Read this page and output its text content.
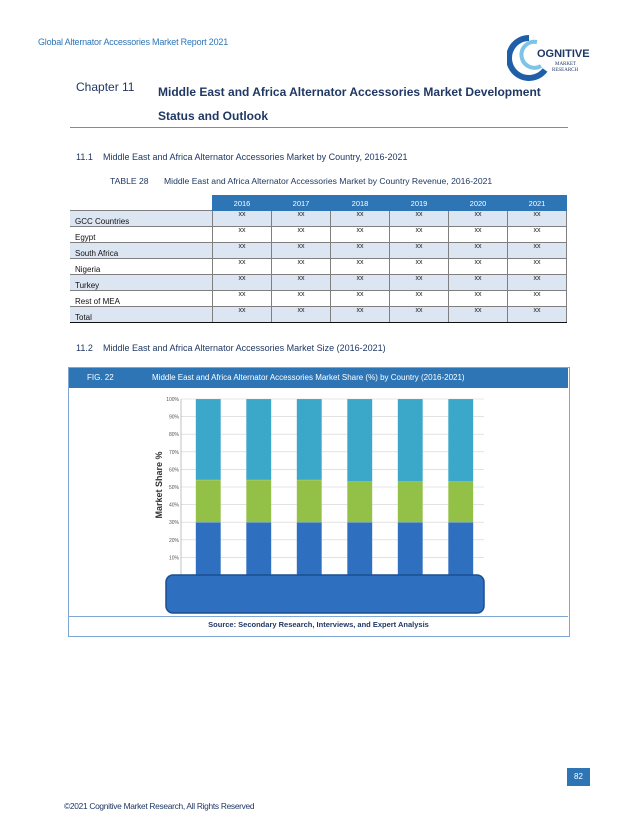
Global Alternator Accessories Market Report 2021
OGNITIVE
MARKET
RESEARCH
Chapter 11 Middle East and Africa Alternator Accessories Market Development Status and Outlook
11.1 Middle East and Africa Alternator Accessories Market by Country, 2016-2021
TABLE 28 Middle East and Africa Alternator Accessories Market by Country Revenue, 2016-2021
	2016	2017	2018	2019	2020	2021
GCC Countries	xx	xx	xx	xx	xx	xx
Egypt	xx	xx	xx	xx	xx	xx
South Africa	xx	xx	xx	xx	xx	xx
Nigeria	xx	xx	xx	xx	xx	xx
Turkey	xx	xx	xx	xx	xx	xx
Rest of MEA	xx	xx	xx	xx	xx	xx
Total	xx	xx	xx	xx	xx	xx
11.2 Middle East and Africa Alternator Accessories Market Size (2016-2021)
FIG. 22	Middle East and Africa Alternator Accessories Market Share (%) by Country (2016-2021)
10%
20%
30%
40%
50%
60%
70%
80%
90%
100%
Market Share %
Source: Secondary Research, Interviews, and Expert Analysis
82
©2021 Cognitive Market Research, All Rights Reserved
